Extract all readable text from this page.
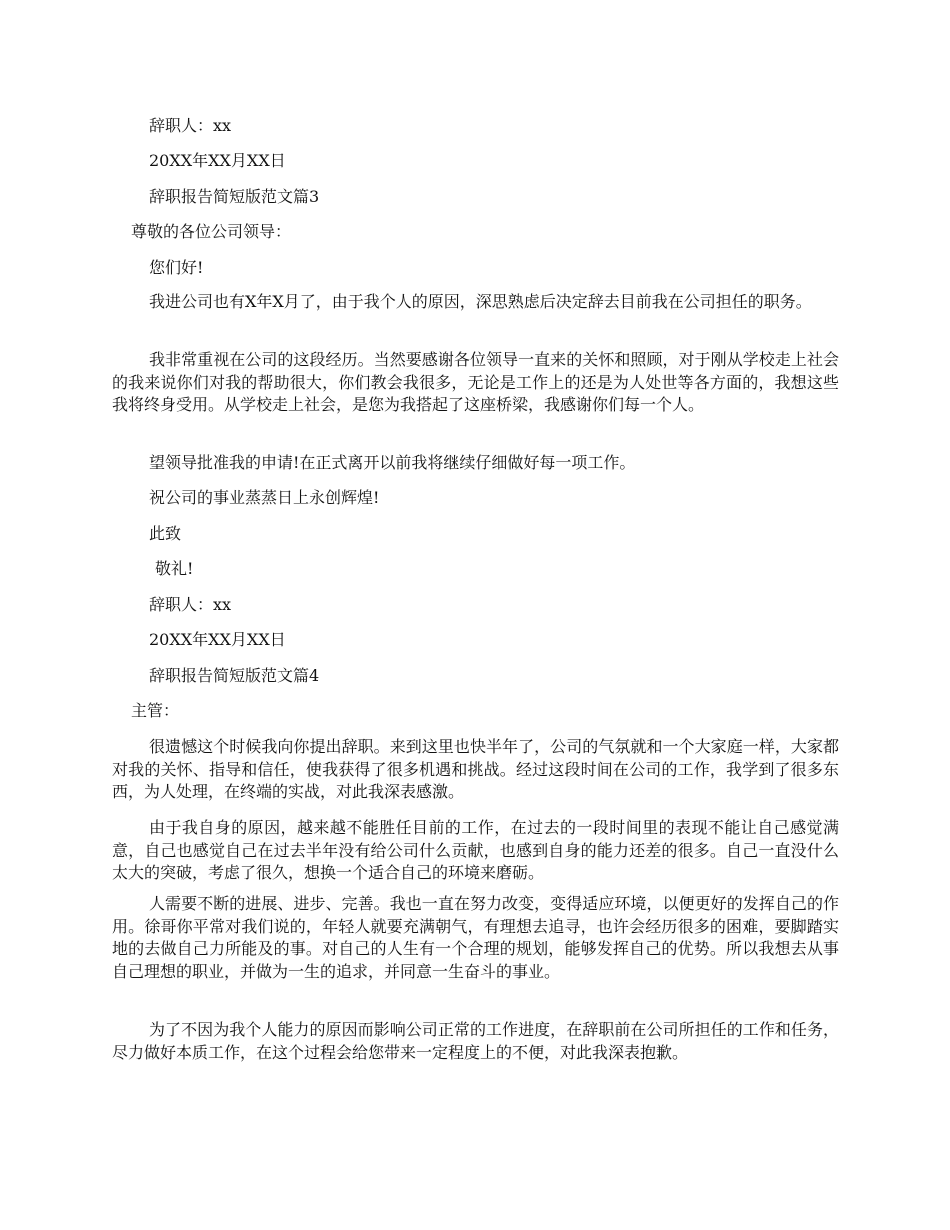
辞职人：xx
20XX年XX月XX日
辞职报告简短版范文篇3
尊敬的各位公司领导：
您们好!
我进公司也有X年X月了，由于我个人的原因，深思熟虑后决定辞去目前我在公司担任的职务。
我非常重视在公司的这段经历。当然要感谢各位领导一直来的关怀和照顾，对于刚从学校走上社会的我来说你们对我的帮助很大，你们教会我很多，无论是工作上的还是为人处世等各方面的，我想这些我将终身受用。从学校走上社会，是您为我搭起了这座桥梁，我感谢你们每一个人。
望领导批准我的申请!在正式离开以前我将继续仔细做好每一项工作。
祝公司的事业蒸蒸日上永创辉煌!
此致
敬礼!
辞职人：xx
20XX年XX月XX日
辞职报告简短版范文篇4
主管：
很遗憾这个时候我向你提出辞职。来到这里也快半年了，公司的气氛就和一个大家庭一样，大家都对我的关怀、指导和信任，使我获得了很多机遇和挑战。经过这段时间在公司的工作，我学到了很多东西，为人处理，在终端的实战，对此我深表感激。
由于我自身的原因，越来越不能胜任目前的工作，在过去的一段时间里的表现不能让自己感觉满意，自己也感觉自己在过去半年没有给公司什么贡献，也感到自身的能力还差的很多。自己一直没什么太大的突破，考虑了很久，想换一个适合自己的环境来磨砺。
人需要不断的进展、进步、完善。我也一直在努力改变，变得适应环境，以便更好的发挥自己的作用。徐哥你平常对我们说的，年轻人就要充满朝气，有理想去追寻，也许会经历很多的困难，要脚踏实地的去做自己力所能及的事。对自己的人生有一个合理的规划，能够发挥自己的优势。所以我想去从事自己理想的职业，并做为一生的追求，并同意一生奋斗的事业。
为了不因为我个人能力的原因而影响公司正常的工作进度，在辞职前在公司所担任的工作和任务，尽力做好本质工作，在这个过程会给您带来一定程度上的不便，对此我深表抱歉。
